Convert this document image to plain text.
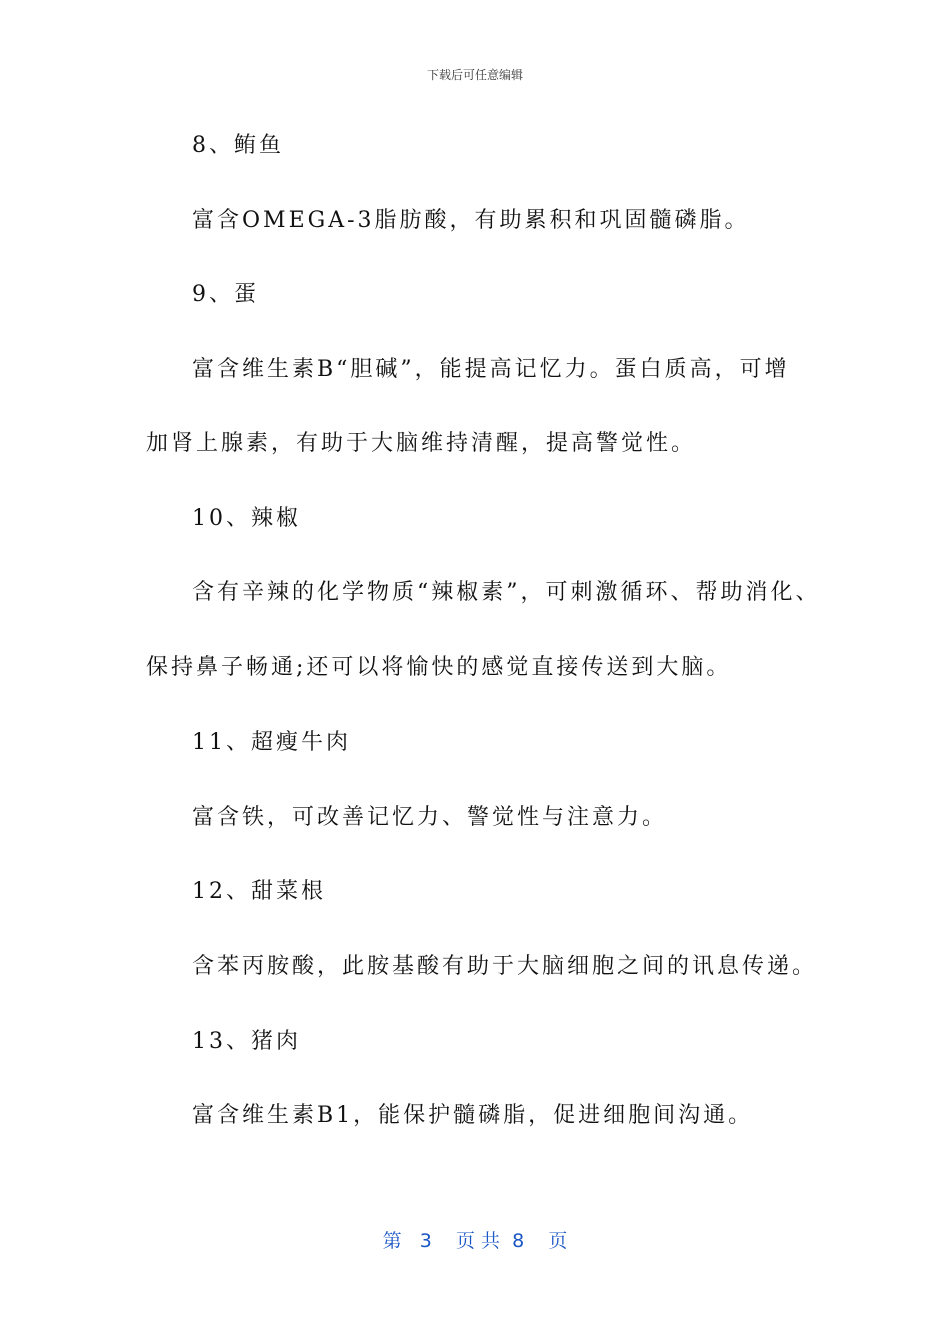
下载后可任意编辑
8、鲔鱼
富含OMEGA-3脂肪酸，有助累积和巩固髓磷脂。
9、蛋
富含维生素B“胆碱”，能提高记忆力。蛋白质高，可增
加肾上腺素，有助于大脑维持清醒，提高警觉性。
10、辣椒
含有辛辣的化学物质“辣椒素”，可刺激循环、帮助消化、
保持鼻子畅通;还可以将愉快的感觉直接传送到大脑。
11、超瘦牛肉
富含铁，可改善记忆力、警觉性与注意力。
12、甜菜根
含苯丙胺酸，此胺基酸有助于大脑细胞之间的讯息传递。
13、猪肉
富含维生素B1，能保护髓磷脂，促进细胞间沟通。
第 3 页共 8 页
